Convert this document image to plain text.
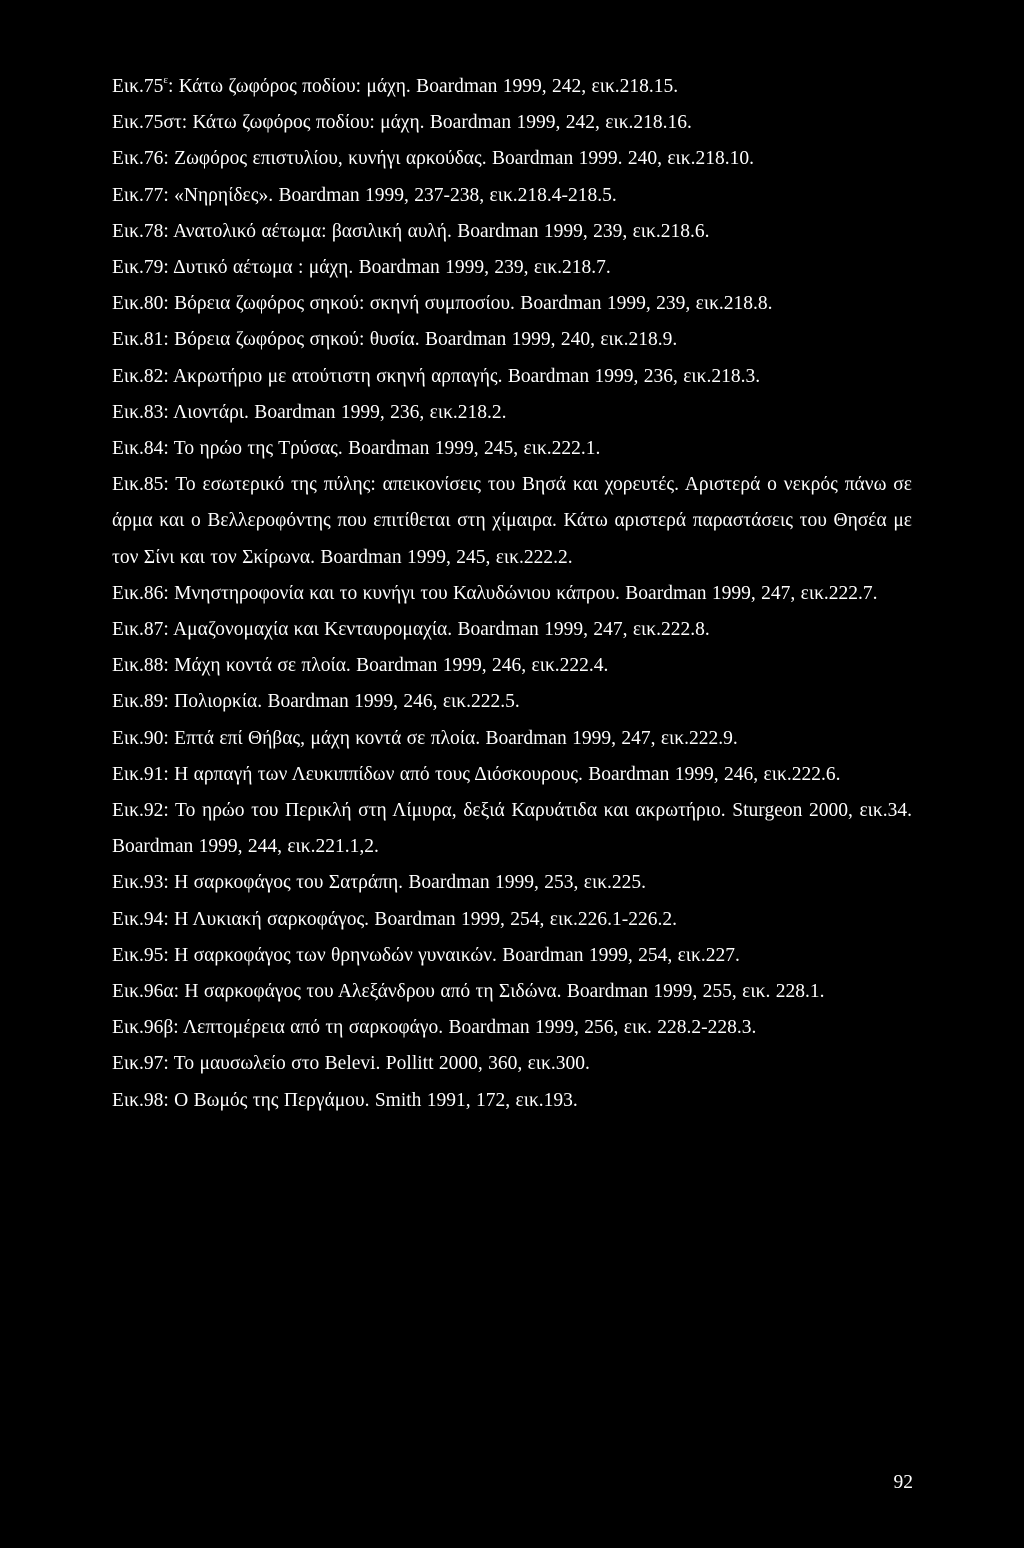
$E\iota\kappa.75^\varepsilon$: Κάτω ζωφόρος ποδίου: μάχη. Boardman 1999, 242, εικ.218.15.

Εικ.75στ: Κάτω ζωφόρος ποδίου: μάχη. Boardman 1999, 242, εικ.218.16.

Εικ.76: Ζωφόρος επιστυλίου, κυνήγι αρκούδας. Boardman 1999. 240, εικ.218.10.

Εικ.77: «Νηρηίδες». Boardman 1999, 237-238, εικ.218.4-218.5.

Εικ.78: Ανατολικό αέτωμα: βασιλική αυλή. Boardman 1999, 239, εικ.218.6.

Εικ.79: Δυτικό αέτωμα : μάχη. Boardman 1999, 239, εικ.218.7.

Εικ.80: Βόρεια ζωφόρος σηκού: σκηνή συμποσίου. Boardman 1999, 239, εικ.218.8.

Εικ.81: Βόρεια ζωφόρος σηκού: θυσία. Boardman 1999, 240, εικ.218.9.

Εικ.82: Ακρωτήριο με ατούτιστη σκηνή αρπαγής. Boardman 1999, 236, εικ.218.3.

Εικ.83: Λιοντάρι. Boardman 1999, 236, εικ.218.2.

Εικ.84: Το ηρώο της Τρύσας. Boardman 1999, 245, εικ.222.1.

Εικ.85: Το εσωτερικό της πύλης: απεικονίσεις του Βησά και χορευτές. Αριστερά ο νεκρός πάνω σε άρμα και ο Βελλεροφόντης που επιτίθεται στη χίμαιρα. Κάτω αριστερά παραστάσεις του Θησέα με τον Σίνι και τον Σκίρωνα. Boardman 1999, 245, εικ.222.2.

Εικ.86: Μνηστηροφονία και το κυνήγι του Καλυδώνιου κάπρου. Boardman 1999, 247, εικ.222.7.

Εικ.87: Αμαζονομαχία και Κενταυρομαχία. Boardman 1999, 247, εικ.222.8.

Εικ.88: Μάχη κοντά σε πλοία. Boardman 1999, 246, εικ.222.4.

Εικ.89: Πολιορκία. Boardman 1999, 246, εικ.222.5.

Εικ.90: Επτά επί Θήβας, μάχη κοντά σε πλοία. Boardman 1999, 247, εικ.222.9.

Εικ.91: Η αρπαγή των Λευκιππίδων από τους Διόσκουρους. Boardman 1999, 246, εικ.222.6.

Εικ.92: Το ηρώο του Περικλή στη Λίμυρα, δεξιά Καρυάτιδα και ακρωτήριο. Sturgeon 2000, εικ.34. Boardman 1999, 244, εικ.221.1,2.

Εικ.93: Η σαρκοφάγος του Σατράπη. Boardman 1999, 253, εικ.225.

Εικ.94: Η Λυκιακή σαρκοφάγος. Boardman 1999, 254, εικ.226.1-226.2.

Εικ.95: Η σαρκοφάγος των θρηνωδών γυναικών. Boardman 1999, 254, εικ.227.

Εικ.96α: Η σαρκοφάγος του Αλεξάνδρου από τη Σιδώνα. Boardman 1999, 255, εικ. 228.1.

Εικ.96β: Λεπτομέρεια από τη σαρκοφάγο. Boardman 1999, 256, εικ. 228.2-228.3.

Εικ.97: Το μαυσωλείο στο Belevi. Pollitt 2000, 360, εικ.300.

Εικ.98: Ο Βωμός της Περγάμου. Smith 1991, 172, εικ.193.

92
